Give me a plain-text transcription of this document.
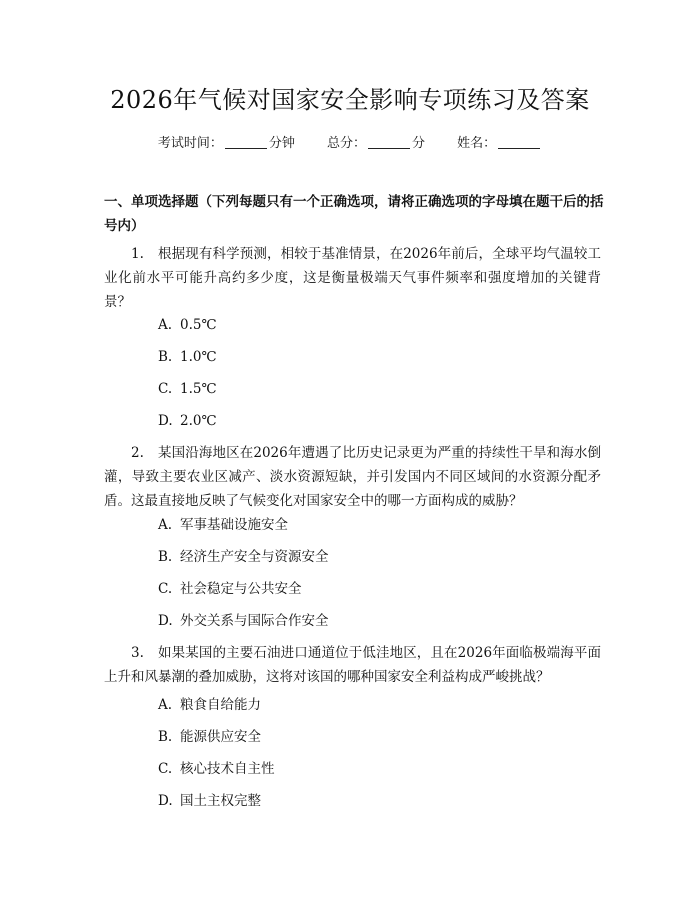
2026年气候对国家安全影响专项练习及答案
考试时间：	分钟 总分：	分 姓名：
一、单项选择题（下列每题只有一个正确选项，请将正确选项的字母填在题干后的括号内）
1. 根据现有科学预测，相较于基准情景，在2026年前后，全球平均气温较工业化前水平可能升高约多少度，这是衡量极端天气事件频率和强度增加的关键背景？
A. 0.5℃
B. 1.0℃
C. 1.5℃
D. 2.0℃
2. 某国沿海地区在2026年遭遇了比历史记录更为严重的持续性干旱和海水倒灌，导致主要农业区减产、淡水资源短缺，并引发国内不同区域间的水资源分配矛盾。这最直接地反映了气候变化对国家安全中的哪一方面构成的威胁？
A. 军事基础设施安全
B. 经济生产安全与资源安全
C. 社会稳定与公共安全
D. 外交关系与国际合作安全
3. 如果某国的主要石油进口通道位于低洼地区，且在2026年面临极端海平面上升和风暴潮的叠加威胁，这将对该国的哪种国家安全利益构成严峻挑战？
A. 粮食自给能力
B. 能源供应安全
C. 核心技术自主性
D. 国土主权完整
